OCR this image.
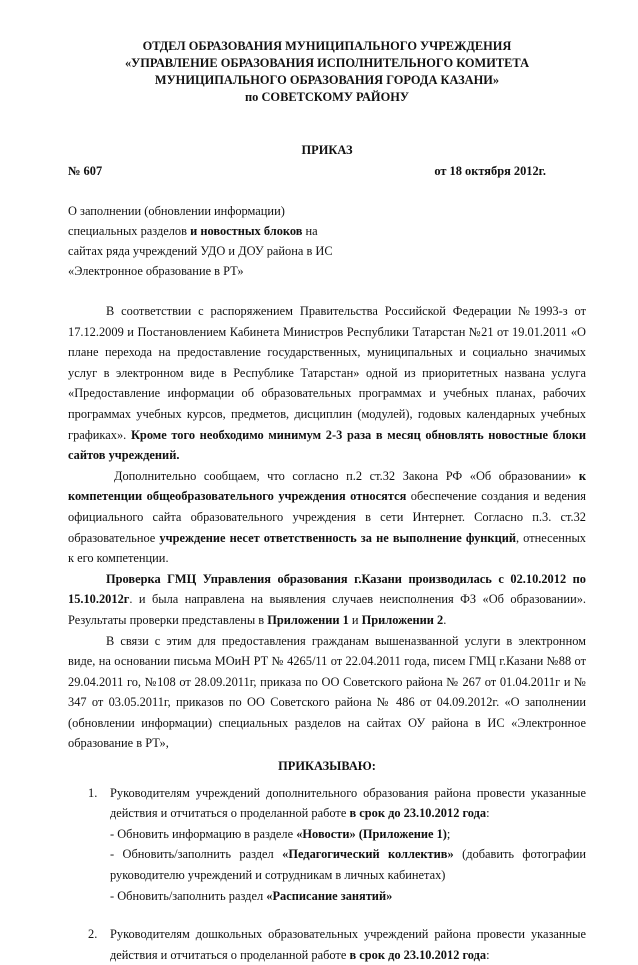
ОТДЕЛ ОБРАЗОВАНИЯ МУНИЦИПАЛЬНОГО УЧРЕЖДЕНИЯ
«УПРАВЛЕНИЕ ОБРАЗОВАНИЯ ИСПОЛНИТЕЛЬНОГО КОМИТЕТА
МУНИЦИПАЛЬНОГО ОБРАЗОВАНИЯ ГОРОДА КАЗАНИ»
по СОВЕТСКОМУ РАЙОНУ
ПРИКАЗ
№ 607	от 18 октября 2012г.
О заполнении (обновлении информации)
специальных разделов и новостных блоков на
сайтах ряда учреждений УДО и ДОУ района в ИС
«Электронное образование в РТ»

В соответствии с распоряжением Правительства Российской Федерации №1993-з от 17.12.2009 и Постановлением Кабинета Министров Республики Татарстан №21 от 19.01.2011 «О плане перехода на предоставление государственных, муниципальных и социально значимых услуг в электронном виде в Республике Татарстан» одной из приоритетных названа услуга «Предоставление информации об образовательных программах и учебных планах, рабочих программах учебных курсов, предметов, дисциплин (модулей), годовых календарных учебных графиках». Кроме того необходимо минимум 2-3 раза в месяц обновлять новостные блоки сайтов учреждений.

Дополнительно сообщаем, что согласно п.2 ст.32 Закона РФ «Об образовании» к компетенции общеобразовательного учреждения относятся обеспечение создания и ведения официального сайта образовательного учреждения в сети Интернет. Согласно п.3. ст.32 образовательное учреждение несет ответственность за не выполнение функций, отнесенных к его компетенции.

Проверка ГМЦ Управления образования г.Казани производилась с 02.10.2012 по 15.10.2012г. и была направлена на выявления случаев неисполнения ФЗ «Об образовании». Результаты проверки представлены в Приложении 1 и Приложении 2.

В связи с этим для предоставления гражданам вышеназванной услуги в электронном виде, на основании письма МОиН РТ № 4265/11 от 22.04.2011 года, писем ГМЦ г.Казани №88 от 29.04.2011 го, №108 от 28.09.2011г, приказа по ОО Советского района № 267 от 01.04.2011г и № 347 от 03.05.2011г, приказов по ОО Советского района № 486 от 04.09.2012г. «О заполнении (обновлении информации) специальных разделов на сайтах ОУ района в ИС «Электронное образование в РТ»,

ПРИКАЗЫВАЮ:
1. Руководителям учреждений дополнительного образования района провести указанные действия и отчитаться о проделанной работе в срок до 23.10.2012 года:
- Обновить информацию в разделе «Новости» (Приложение 1);
- Обновить/заполнить раздел «Педагогический коллектив» (добавить фотографии руководителю учреждений и сотрудникам в личных кабинетах)
- Обновить/заполнить раздел «Расписание занятий»
2. Руководителям дошкольных образовательных учреждений района провести указанные действия и отчитаться о проделанной работе в срок до 23.10.2012 года:
